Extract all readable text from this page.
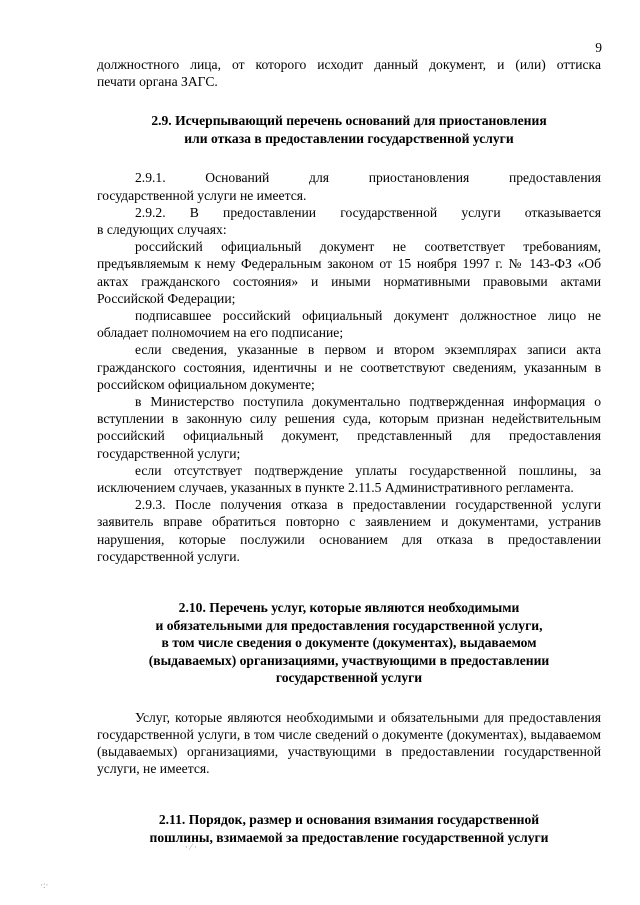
9

должностного лица, от которого исходит данный документ, и (или) оттиска

печати органа ЗАГС.

2.9. Исчерпывающий перечень оснований для приостановления
или отказа в предоставлении государственной услуги

2.9.1. Оснований для приостановления предоставления

государственной услуги не имеется.

2.9.2. В предоставлении государственной услуги отказывается

в следующих случаях:

российский официальный документ не соответствует требованиям, предъявляемым к нему Федеральным законом от 15 ноября 1997 г. № 143-ФЗ «Об актах гражданского состояния» и иными нормативными правовыми актами Российской Федерации;

подписавшее российский официальный документ должностное лицо не обладает полномочием на его подписание;

если сведения, указанные в первом и втором экземплярах записи акта гражданского состояния, идентичны и не соответствуют сведениям, указанным в российском официальном документе;

в Министерство поступила документально подтвержденная информация о вступлении в законную силу решения суда, которым признан недействительным российский официальный документ, представленный для предоставления государственной услуги;

если отсутствует подтверждение уплаты государственной пошлины, за исключением случаев, указанных в пункте 2.11.5 Административного регламента.

2.9.3. После получения отказа в предоставлении государственной услуги заявитель вправе обратиться повторно с заявлением и документами, устранив нарушения, которые послужили основанием для отказа в предоставлении государственной услуги.

2.10. Перечень услуг, которые являются необходимыми
и обязательными для предоставления государственной услуги,
в том числе сведения о документе (документах), выдаваемом
(выдаваемых) организациями, участвующими в предоставлении
государственной услуги

Услуг, которые являются необходимыми и обязательными для предоставления государственной услуги, в том числе сведений о документе (документах), выдаваемом (выдаваемых) организациями, участвующими в предоставлении государственной услуги, не имеется.

2.11. Порядок, размер и основания взимания государственной
пошлины, взимаемой за предоставление государственной услуги
· ⁄ ·
·:·
